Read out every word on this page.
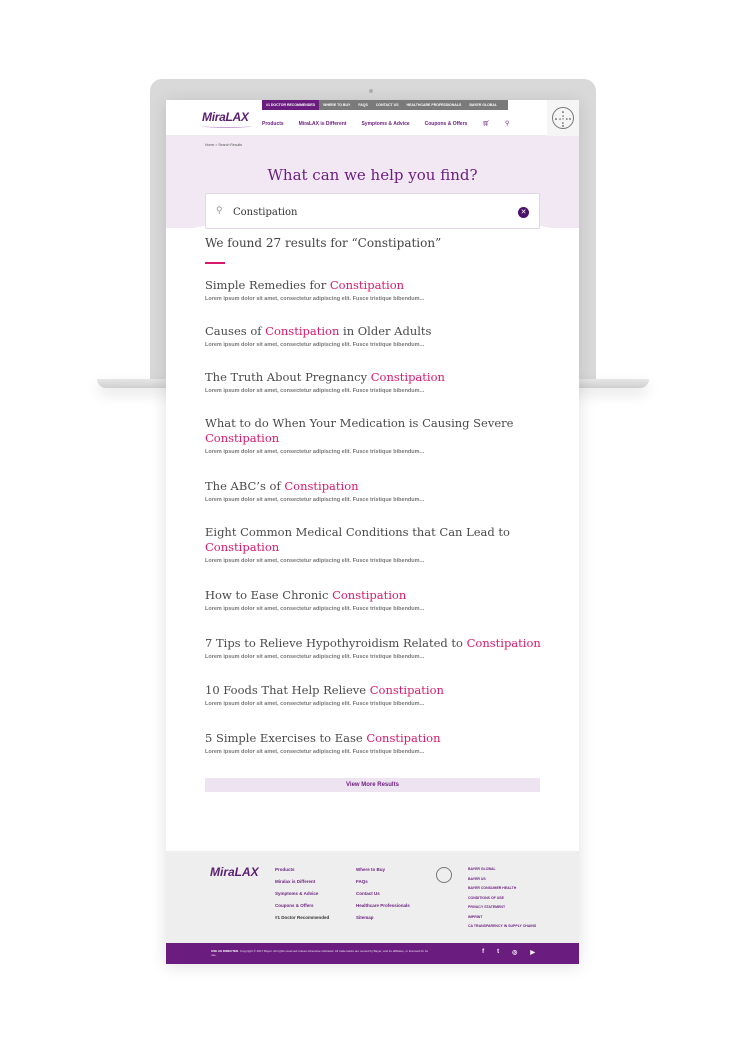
MiraLAX
#1 DOCTOR RECOMMENDED	WHERE TO BUY	FAQS	CONTACT US	HEALTHCARE PROFESSIONALS	BAYER GLOBAL
Products	MiraLAX is Different	Symptoms & Advice	Coupons & Offers	🛒︎	⚲
B
A
B A Y E R
E
R
Home > Search Results
What can we help you find?
⚲
Constipation	✕
We found 27 results for “Constipation”
Simple Remedies for Constipation
Lorem ipsum dolor sit amet, consectetur adipiscing elit. Fusce tristique bibendum...
Causes of Constipation in Older Adults
Lorem ipsum dolor sit amet, consectetur adipiscing elit. Fusce tristique bibendum...
The Truth About Pregnancy Constipation
Lorem ipsum dolor sit amet, consectetur adipiscing elit. Fusce tristique bibendum...
What to do When Your Medication is Causing Severe Constipation
Lorem ipsum dolor sit amet, consectetur adipiscing elit. Fusce tristique bibendum...
The ABC’s of Constipation
Lorem ipsum dolor sit amet, consectetur adipiscing elit. Fusce tristique bibendum...
Eight Common Medical Conditions that Can Lead to Constipation
Lorem ipsum dolor sit amet, consectetur adipiscing elit. Fusce tristique bibendum...
How to Ease Chronic Constipation
Lorem ipsum dolor sit amet, consectetur adipiscing elit. Fusce tristique bibendum...
7 Tips to Relieve Hypothyroidism Related to Constipation
Lorem ipsum dolor sit amet, consectetur adipiscing elit. Fusce tristique bibendum...
10 Foods That Help Relieve Constipation
Lorem ipsum dolor sit amet, consectetur adipiscing elit. Fusce tristique bibendum...
5 Simple Exercises to Ease Constipation
Lorem ipsum dolor sit amet, consectetur adipiscing elit. Fusce tristique bibendum...
View More Results
MiraLAX	Products
Miralax is Different
Symptoms & Advice
Coupons & Offers
#1 Doctor Recommended
Where to Buy
FAQs
Contact Us
Healthcare Professionals
Sitemap
BAYER GLOBAL
BAYER US
BAYER CONSUMER HEALTH
CONDITIONS OF USE
PRIVACY STATEMENT
IMPRINT
CA TRANSPARENCY IN SUPPLY CHAINS
USE AS DIRECTED. Copyright © 2017 Bayer. All rights reserved unless otherwise indicated. All trademarks are owned by Bayer, and its affiliates, or licensed for its use.	f t ◎ ▶
